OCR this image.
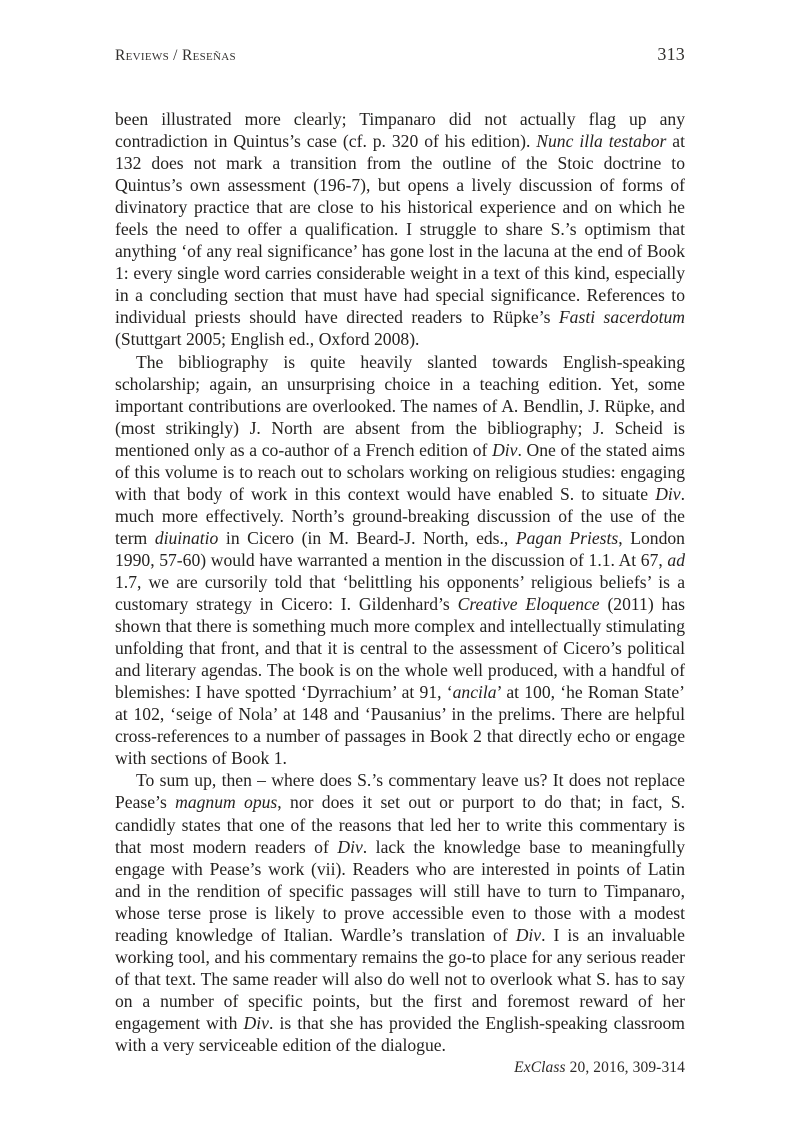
Reviews / Reseñas	313

been illustrated more clearly; Timpanaro did not actually flag up any contradiction in Quintus’s case (cf. p. 320 of his edition). Nunc illa testabor at 132 does not mark a transition from the outline of the Stoic doctrine to Quintus’s own assessment (196-7), but opens a lively discussion of forms of divinatory practice that are close to his historical experience and on which he feels the need to offer a qualification. I struggle to share S.’s optimism that anything ‘of any real significance’ has gone lost in the lacuna at the end of Book 1: every single word carries considerable weight in a text of this kind, especially in a concluding section that must have had special significance. References to individual priests should have directed readers to Rüpke’s Fasti sacerdotum (Stuttgart 2005; English ed., Oxford 2008).

The bibliography is quite heavily slanted towards English-speaking scholarship; again, an unsurprising choice in a teaching edition. Yet, some important contributions are overlooked. The names of A. Bendlin, J. Rüpke, and (most strikingly) J. North are absent from the bibliography; J. Scheid is mentioned only as a co-author of a French edition of Div. One of the stated aims of this volume is to reach out to scholars working on religious studies: engaging with that body of work in this context would have enabled S. to situate Div. much more effectively. North’s ground-breaking discussion of the use of the term diuinatio in Cicero (in M. Beard-J. North, eds., Pagan Priests, London 1990, 57-60) would have warranted a mention in the discussion of 1.1. At 67, ad 1.7, we are cursorily told that ‘belittling his opponents’ religious beliefs’ is a customary strategy in Cicero: I. Gildenhard’s Creative Eloquence (2011) has shown that there is something much more complex and intellectually stimulating unfolding that front, and that it is central to the assessment of Cicero’s political and literary agendas. The book is on the whole well produced, with a handful of blemishes: I have spotted ‘Dyrrachium’ at 91, ‘ancila’ at 100, ‘he Roman State’ at 102, ‘seige of Nola’ at 148 and ‘Pausanius’ in the prelims. There are helpful cross-references to a number of passages in Book 2 that directly echo or engage with sections of Book 1.

To sum up, then – where does S.’s commentary leave us? It does not replace Pease’s magnum opus, nor does it set out or purport to do that; in fact, S. candidly states that one of the reasons that led her to write this commentary is that most modern readers of Div. lack the knowledge base to meaningfully engage with Pease’s work (vii). Readers who are interested in points of Latin and in the rendition of specific passages will still have to turn to Timpanaro, whose terse prose is likely to prove accessible even to those with a modest reading knowledge of Italian. Wardle’s translation of Div. I is an invaluable working tool, and his commentary remains the go-to place for any serious reader of that text. The same reader will also do well not to overlook what S. has to say on a number of specific points, but the first and foremost reward of her engagement with Div. is that she has provided the English-speaking classroom with a very serviceable edition of the dialogue.

ExClass 20, 2016, 309-314
